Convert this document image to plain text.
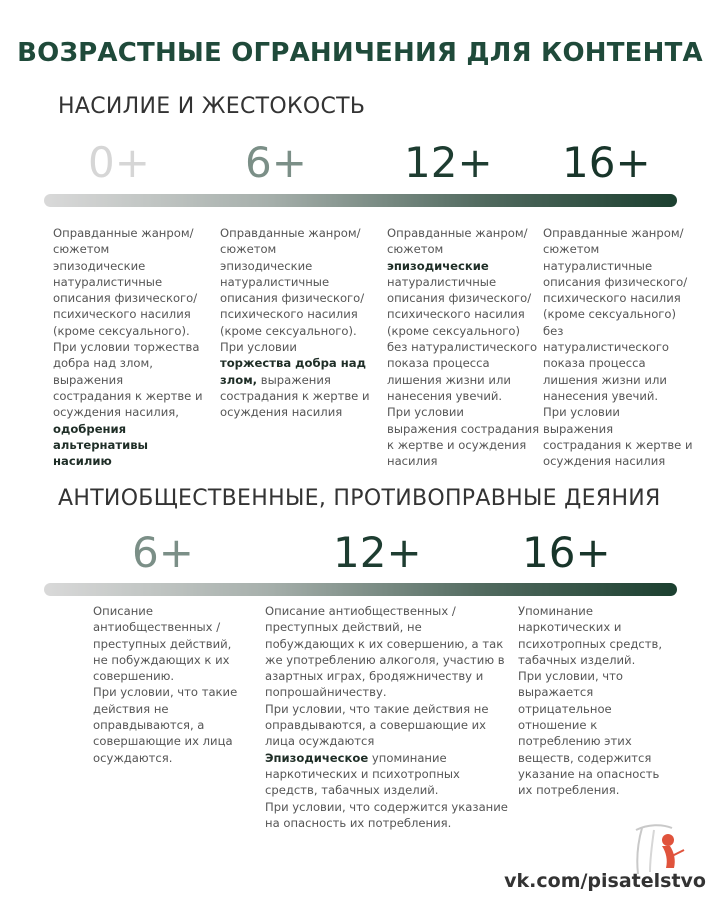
ВОЗРАСТНЫЕ ОГРАНИЧЕНИЯ ДЛЯ КОНТЕНТА
НАСИЛИЕ И ЖЕСТОКОСТЬ
0+ 6+ 12+ 16+
Оправданные жанром/
сюжетом
эпизодические
натуралистичные
описания физического/
психического насилия
(кроме сексуального).
При условии торжества
добра над злом,
выражения
сострадания к жертве и
осуждения насилия,
одобрения
альтернативы
насилию
Оправданные жанром/
сюжетом
эпизодические
натуралистичные
описания физического/
психического насилия
(кроме сексуального).
При условии
торжества добра над
злом, выражения
сострадания к жертве и
осуждения насилия
Оправданные жанром/
сюжетом
эпизодические
натуралистичные
описания физического/
психического насилия
(кроме сексуального)
без натуралистического
показа процесса
лишения жизни или
нанесения увечий.
При условии
выражения сострадания
к жертве и осуждения
насилия
Оправданные жанром/
сюжетом
натуралистичные
описания физического/
психического насилия
(кроме сексуального)
без
натуралистического
показа процесса
лишения жизни или
нанесения увечий.
При условии
выражения
сострадания к жертве и
осуждения насилия
АНТИОБЩЕСТВЕННЫЕ, ПРОТИВОПРАВНЫЕ ДЕЯНИЯ
6+	12+ 16+
Описание
антиобщественных /
преступных действий,
не побуждающих к их
совершению.
При условии, что такие
действия не
оправдываются, а
совершающие их лица
осуждаются.
Описание антиобщественных /
преступных действий, не
побуждающих к их совершению, а так
же употреблению алкоголя, участию в
азартных играх, бродяжничеству и
попрошайничеству.
При условии, что такие действия не
оправдываются, а совершающие их
лица осуждаются
Эпизодическое упоминание
наркотических и психотропных
средств, табачных изделий.
При условии, что содержится указание
на опасность их потребления.
Упоминание
наркотических и
психотропных средств,
табачных изделий.
При условии, что
выражается
отрицательное
отношение к
потреблению этих
веществ, содержится
указание на опасность
их потребления.
vk.com/pisatelstvo
